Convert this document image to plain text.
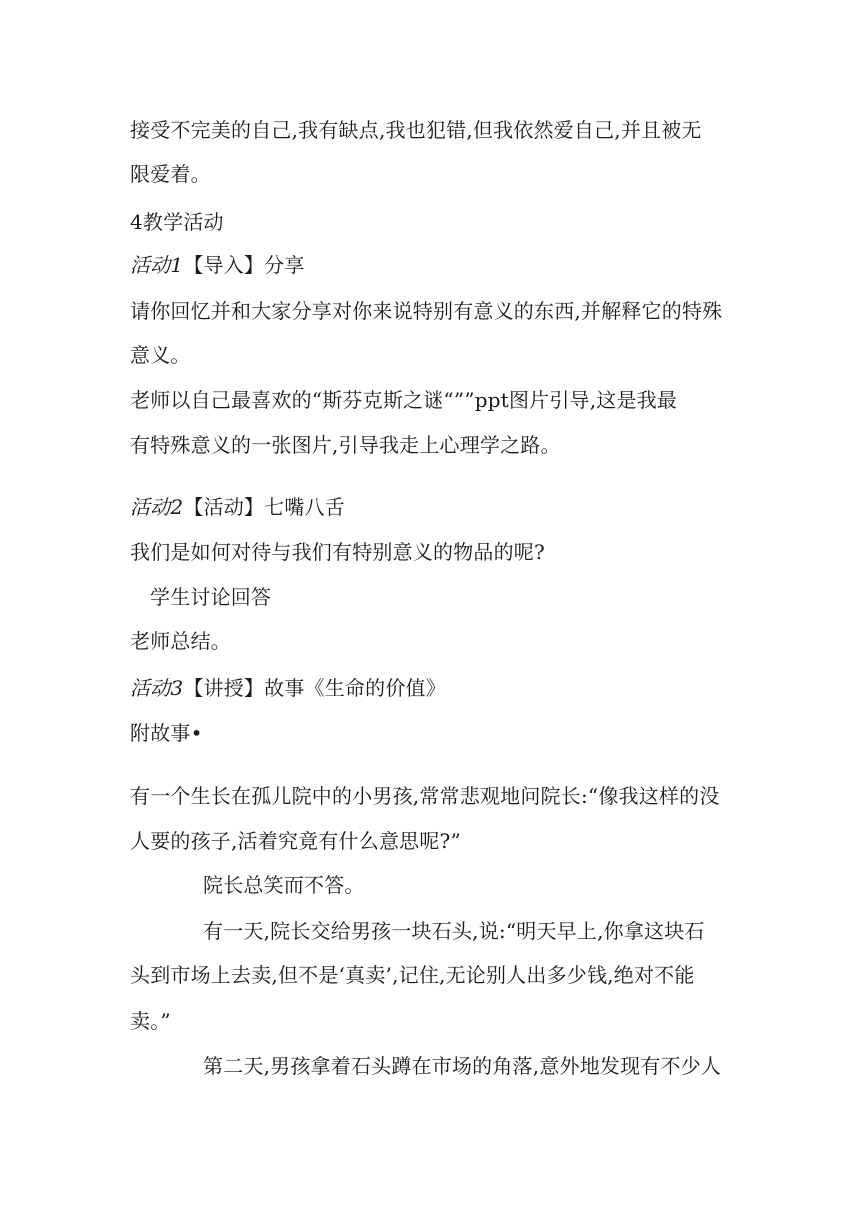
接受不完美的自己,我有缺点,我也犯错,但我依然爱自己,并且被无
限爱着。
4教学活动
活动1【导入】分享
请你回忆并和大家分享对你来说特别有意义的东西,并解释它的特殊
意义。
老师以自己最喜欢的“斯芬克斯之谜“””ppt图片引导,这是我最
有特殊意义的一张图片,引导我走上心理学之路。
活动2【活动】七嘴八舌
我们是如何对待与我们有特别意义的物品的呢?
学生讨论回答
老师总结。
活动3【讲授】故事《生命的价值》
附故事•
有一个生长在孤儿院中的小男孩,常常悲观地问院长:“像我这样的没
人要的孩子,活着究竟有什么意思呢?”
院长总笑而不答。
有一天,院长交给男孩一块石头,说:“明天早上,你拿这块石
头到市场上去卖,但不是‘真卖’,记住,无论别人出多少钱,绝对不能
卖。”
第二天,男孩拿着石头蹲在市场的角落,意外地发现有不少人
